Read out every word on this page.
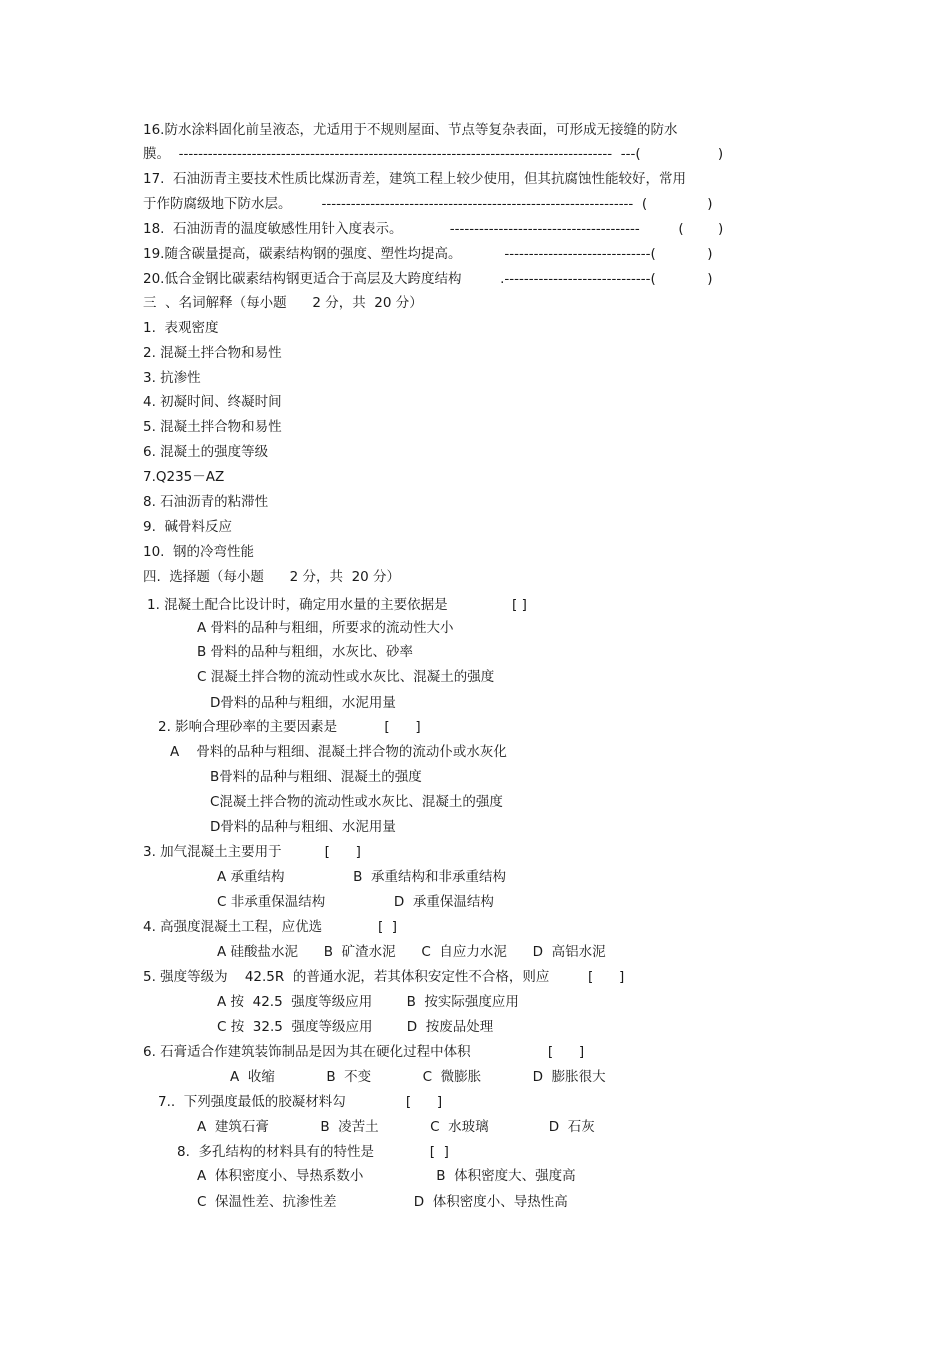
16.防水涂料固化前呈液态，尤适用于不规则屋面、节点等复杂表面，可形成无接缝的防水
膜。  -----------------------------------------------------------------------------------------  ---(                  )
17.  石油沥青主要技术性质比煤沥青差，建筑工程上较少使用，但其抗腐蚀性能较好，常用
于作防腐级地下防水层。       ----------------------------------------------------------------  (              )
18.  石油沥青的温度敏感性用针入度表示。           ---------------------------------------         (        )
19.随含碳量提高，碳素结构钢的强度、塑性均提高。          ------------------------------(            )
20.低合金钢比碳素结构钢更适合于高层及大跨度结构         .------------------------------(            )
三  、名词解释（每小题      2 分，共  20 分）
1.  表观密度
2. 混凝土拌合物和易性
3. 抗渗性
4. 初凝时间、终凝时间
5. 混凝土拌合物和易性
6. 混凝土的强度等级
7.Q235－AZ
8. 石油沥青的粘滞性
9.  碱骨料反应
10.  钢的冷弯性能
四.  选择题（每小题      2 分，共  20 分）
1. 混凝土配合比设计时，确定用水量的主要依据是               [ ]
A 骨料的品种与粗细，所要求的流动性大小
B 骨料的品种与粗细，水灰比、砂率
C 混凝土拌合物的流动性或水灰比、混凝土的强度
D骨料的品种与粗细，水泥用量
2. 影响合理砂率的主要因素是           [      ]
A    骨料的品种与粗细、混凝土拌合物的流动仆或水灰化
B骨料的品种与粗细、混凝土的强度
C混凝土拌合物的流动性或水灰比、混凝土的强度
D骨料的品种与粗细、水泥用量
3. 加气混凝土主要用于          [      ]
A 承重结构                B  承重结构和非承重结构
C 非承重保温结构                D  承重保温结构
4. 高强度混凝土工程，应优选             [  ]
A 硅酸盐水泥      B  矿渣水泥      C  自应力水泥      D  高铝水泥
5. 强度等级为    42.5R  的普通水泥，若其体积安定性不合格，则应         [      ]
A 按  42.5  强度等级应用        B  按实际强度应用
C 按  32.5  强度等级应用        D  按废品处理
6. 石膏适合作建筑装饰制品是因为其在硬化过程中体积                  [      ]
A  收缩            B  不变            C  微膨胀            D  膨胀很大
7..  下列强度最低的胶凝材料勾              [      ]
A  建筑石膏            B  凌苦土            C  水玻璃              D  石灰
8.  多孔结构的材料具有的特性是             [  ]
A  体积密度小、导热系数小                 B  体积密度大、强度高
C  保温性差、抗渗性差                  D  体积密度小、导热性高
